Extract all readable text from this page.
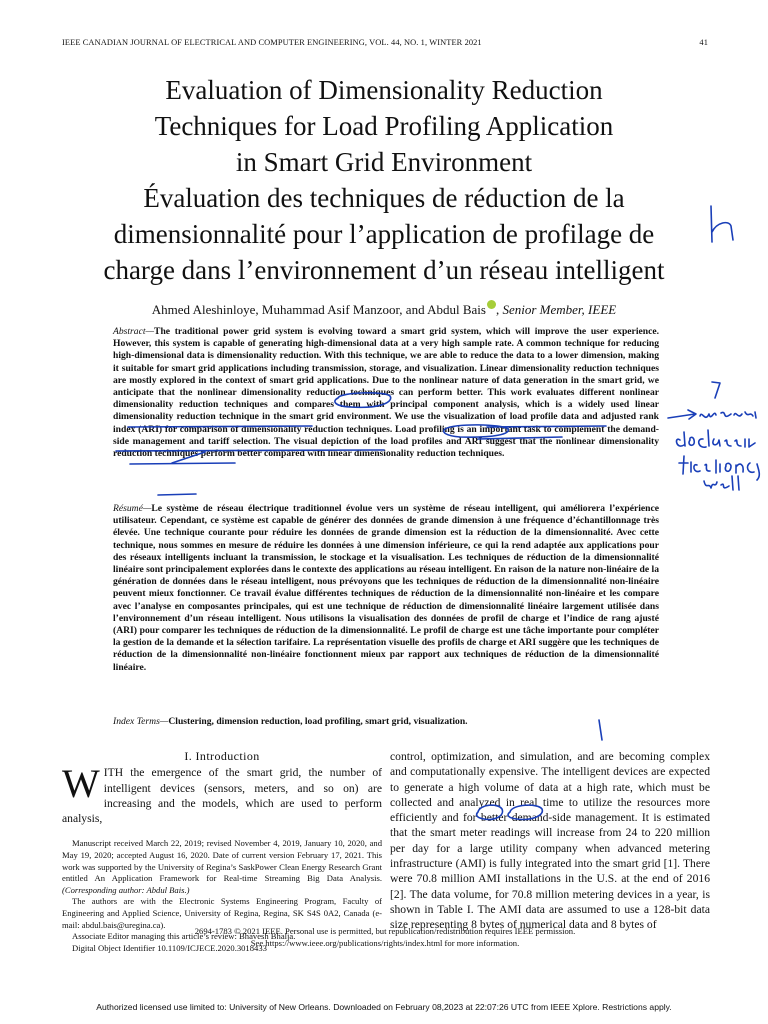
IEEE CANADIAN JOURNAL OF ELECTRICAL AND COMPUTER ENGINEERING, VOL. 44, NO. 1, WINTER 2021	41
Evaluation of Dimensionality Reduction
Techniques for Load Profiling Application
in Smart Grid Environment
Évaluation des techniques de réduction de la
dimensionnalité pour l’application de profilage de
charge dans l’environnement d’un réseau intelligent
Ahmed Aleshinloye, Muhammad Asif Manzoor, and Abdul Bais , Senior Member, IEEE
Abstract—The traditional power grid system is evolving toward a smart grid system, which will improve the user experience. However, this system is capable of generating high-dimensional data at a very high sample rate. A common technique for reducing high-dimensional data is dimensionality reduction. With this technique, we are able to reduce the data to a lower dimension, making it suitable for smart grid applications including transmission, storage, and visualization. Linear dimensionality reduction techniques are mostly explored in the context of smart grid applications. Due to the nonlinear nature of data generation in the smart grid, we anticipate that the nonlinear dimensionality reduction techniques can perform better. This work evaluates different nonlinear dimensionality reduction techniques and compares them with principal component analysis, which is a widely used linear dimensionality reduction technique in the smart grid environment. We use the visualization of load profile data and adjusted rank index (ARI) for comparison of dimensionality reduction techniques. Load profiling is an important task to complement the demand-side management and tariff selection. The visual depiction of the load profiles and ARI suggest that the nonlinear dimensionality reduction techniques perform better compared with linear dimensionality reduction techniques.
Résumé—Le système de réseau électrique traditionnel évolue vers un système de réseau intelligent, qui améliorera l’expérience utilisateur. Cependant, ce système est capable de générer des données de grande dimension à une fréquence d’échantillonnage très élevée. Une technique courante pour réduire les données de grande dimension est la réduction de la dimensionnalité. Avec cette technique, nous sommes en mesure de réduire les données à une dimension inférieure, ce qui la rend adaptée aux applications pour des réseaux intelligents incluant la transmission, le stockage et la visualisation. Les techniques de réduction de la dimensionnalité linéaire sont principalement explorées dans le contexte des applications au réseau intelligent. En raison de la nature non-linéaire de la génération de données dans le réseau intelligent, nous prévoyons que les techniques de réduction de la dimensionnalité non-linéaire peuvent mieux fonctionner. Ce travail évalue différentes techniques de réduction de la dimensionnalité non-linéaire et les compare avec l’analyse en composantes principales, qui est une technique de réduction de dimensionnalité linéaire largement utilisée dans l’environnement d’un réseau intelligent. Nous utilisons la visualisation des données de profil de charge et l’indice de rang ajusté (ARI) pour comparer les techniques de réduction de la dimensionnalité. Le profil de charge est une tâche importante pour compléter la gestion de la demande et la sélection tarifaire. La représentation visuelle des profils de charge et ARI suggère que les techniques de réduction de la dimensionnalité non-linéaire fonctionnent mieux par rapport aux techniques de réduction de la dimensionnalité linéaire.
Index Terms—Clustering, dimension reduction, load profiling, smart grid, visualization.
I. Introduction
WITH the emergence of the smart grid, the number of intelligent devices (sensors, meters, and so on) are increasing and the models, which are used to perform analysis,

Manuscript received March 22, 2019; revised November 4, 2019, January 10, 2020, and May 19, 2020; accepted August 16, 2020. Date of current version February 17, 2021. This work was supported by the University of Regina’s SaskPower Clean Energy Research Grant entitled An Application Framework for Real-time Streaming Big Data Analysis. (Corresponding author: Abdul Bais.)

The authors are with the Electronic Systems Engineering Program, Faculty of Engineering and Applied Science, University of Regina, Regina, SK S4S 0A2, Canada (e-mail: abdul.bais@uregina.ca).

Associate Editor managing this article’s review: Bhavesh Bhalja.

Digital Object Identifier 10.1109/ICJECE.2020.3018433

control, optimization, and simulation, and are becoming complex and computationally expensive. The intelligent devices are expected to generate a high volume of data at a high rate, which must be collected and analyzed in real time to utilize the resources more efficiently and for better demand-side management. It is estimated that the smart meter readings will increase from 24 to 220 million per day for a large utility company when advanced metering infrastructure (AMI) is fully integrated into the smart grid [1]. There were 70.8 million AMI installations in the U.S. at the end of 2016 [2]. The data volume, for 70.8 million metering devices in a year, is shown in Table I. The AMI data are assumed to use a 128-bit data size representing 8 bytes of numerical data and 8 bytes of
2694-1783 © 2021 IEEE. Personal use is permitted, but republication/redistribution requires IEEE permission.
See https://www.ieee.org/publications/rights/index.html for more information.
Authorized licensed use limited to: University of New Orleans. Downloaded on February 08,2023 at 22:07:26 UTC from IEEE Xplore. Restrictions apply.
